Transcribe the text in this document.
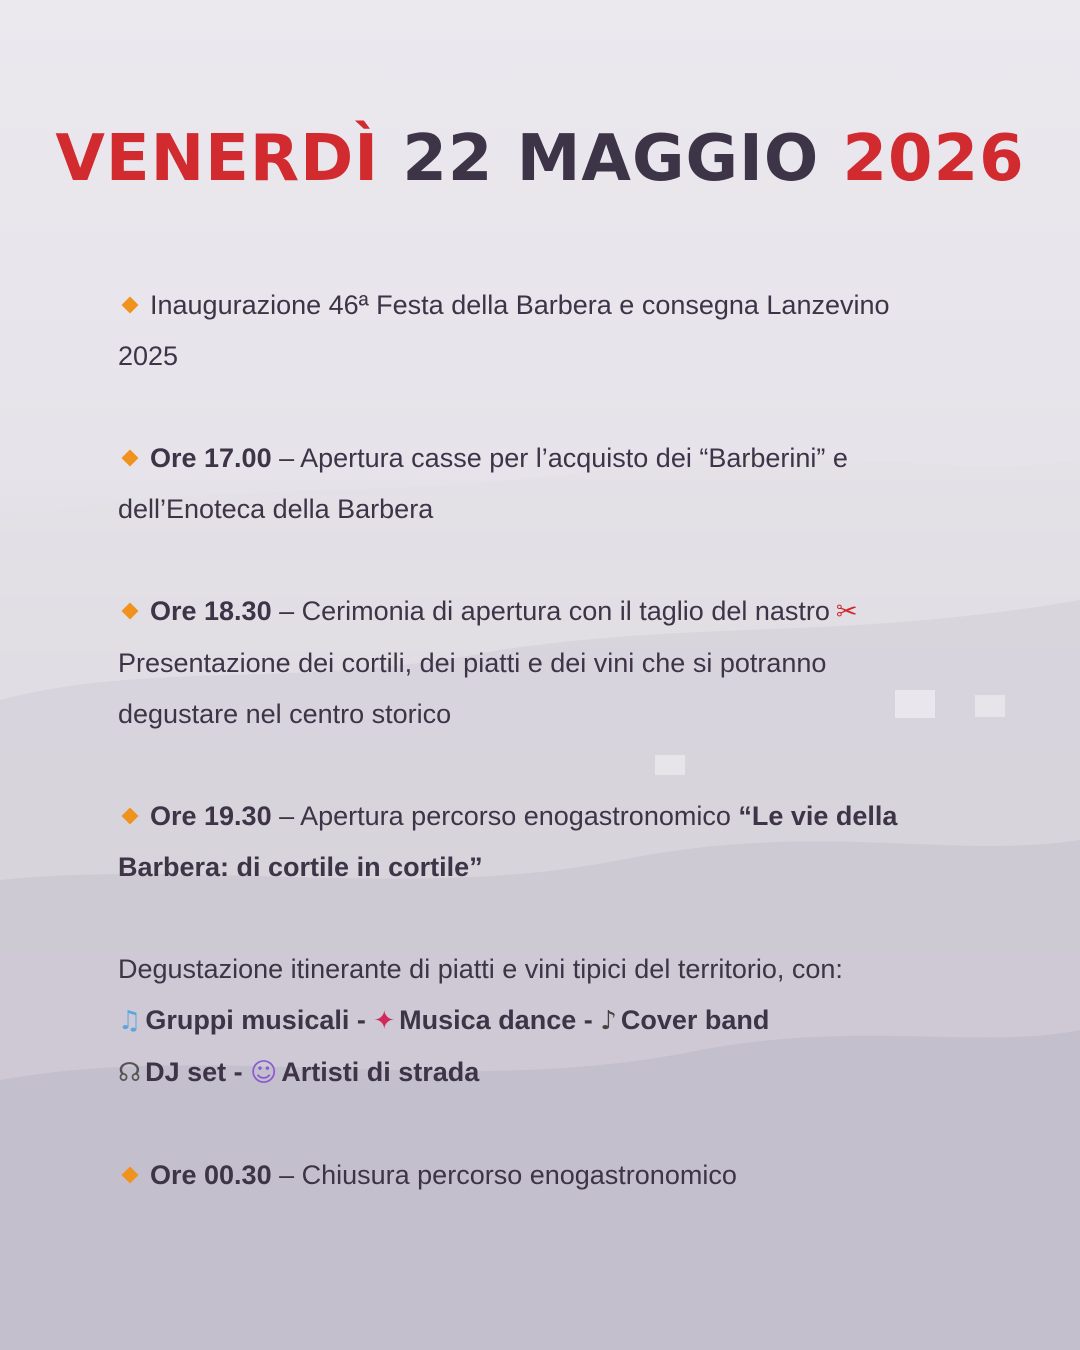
VENERDÌ 22 MAGGIO 2026

Inaugurazione 46ª Festa della Barbera e consegna Lanzevino

2025

Ore 17.00 – Apertura casse per l’acquisto dei “Barberini” e

dell’Enoteca della Barbera

Ore 18.30 – Cerimonia di apertura con il taglio del nastro ✂

Presentazione dei cortili, dei piatti e dei vini che si potranno

degustare nel centro storico

Ore 19.30 – Apertura percorso enogastronomico “Le vie della

Barbera: di cortile in cortile”

Degustazione itinerante di piatti e vini tipici del territorio, con:

♫ Gruppi musicali - ✦ Musica dance - ♪ Cover band

☊ DJ set - ☺ Artisti di strada

Ore 00.30 – Chiusura percorso enogastronomico
